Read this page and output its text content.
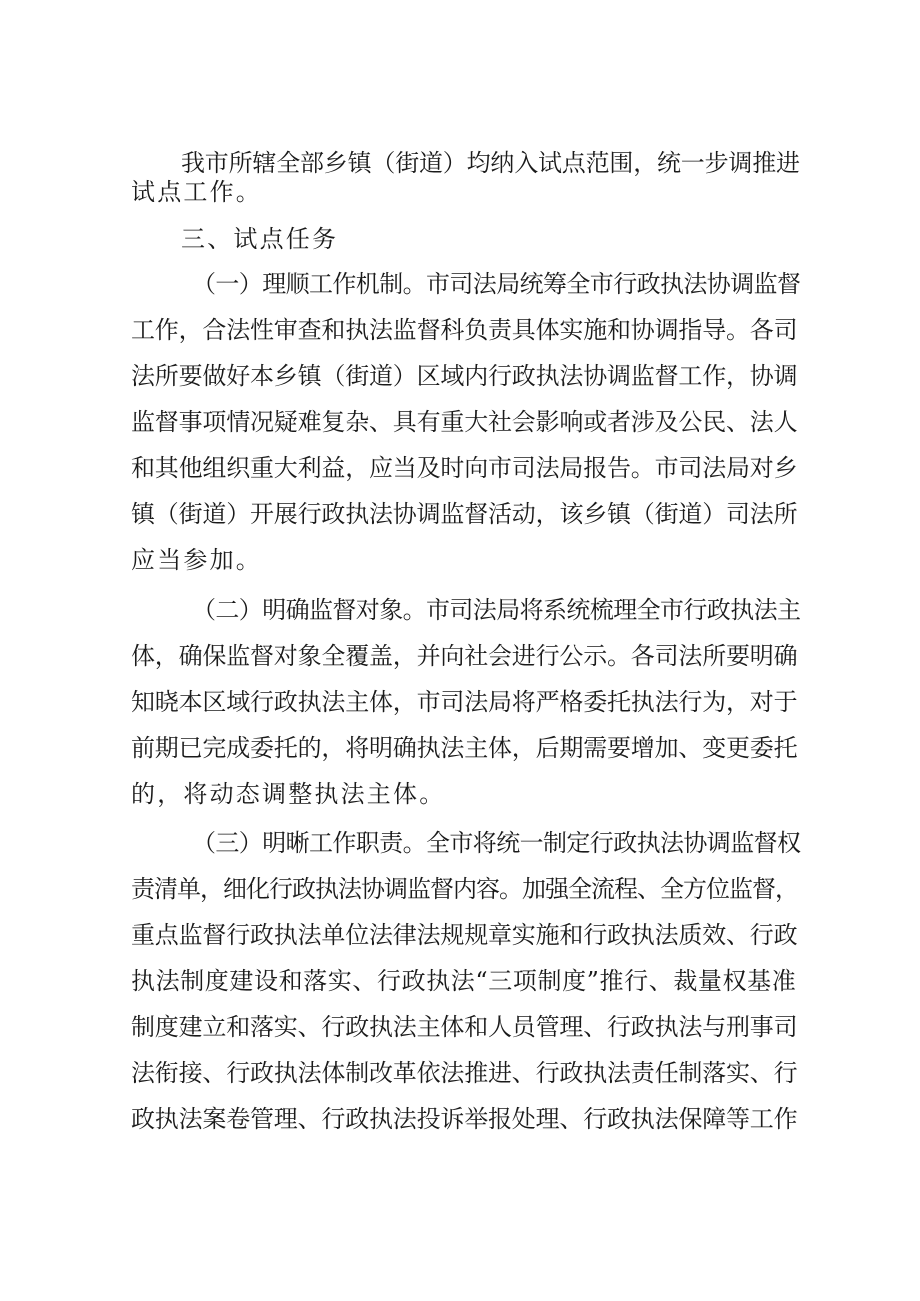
我市所辖全部乡镇（街道）均纳入试点范围，统一步调推进
试点工作。
三、试点任务
（一）理顺工作机制。市司法局统筹全市行政执法协调监督
工作，合法性审查和执法监督科负责具体实施和协调指导。各司
法所要做好本乡镇（街道）区域内行政执法协调监督工作，协调
监督事项情况疑难复杂、具有重大社会影响或者涉及公民、法人
和其他组织重大利益，应当及时向市司法局报告。市司法局对乡
镇（街道）开展行政执法协调监督活动，该乡镇（街道）司法所
应当参加。
（二）明确监督对象。市司法局将系统梳理全市行政执法主
体，确保监督对象全覆盖，并向社会进行公示。各司法所要明确
知晓本区域行政执法主体，市司法局将严格委托执法行为，对于
前期已完成委托的，将明确执法主体，后期需要增加、变更委托
的，将动态调整执法主体。
（三）明晰工作职责。全市将统一制定行政执法协调监督权
责清单，细化行政执法协调监督内容。加强全流程、全方位监督，
重点监督行政执法单位法律法规规章实施和行政执法质效、行政
执法制度建设和落实、行政执法“三项制度”推行、裁量权基准
制度建立和落实、行政执法主体和人员管理、行政执法与刑事司
法衔接、行政执法体制改革依法推进、行政执法责任制落实、行
政执法案卷管理、行政执法投诉举报处理、行政执法保障等工作
